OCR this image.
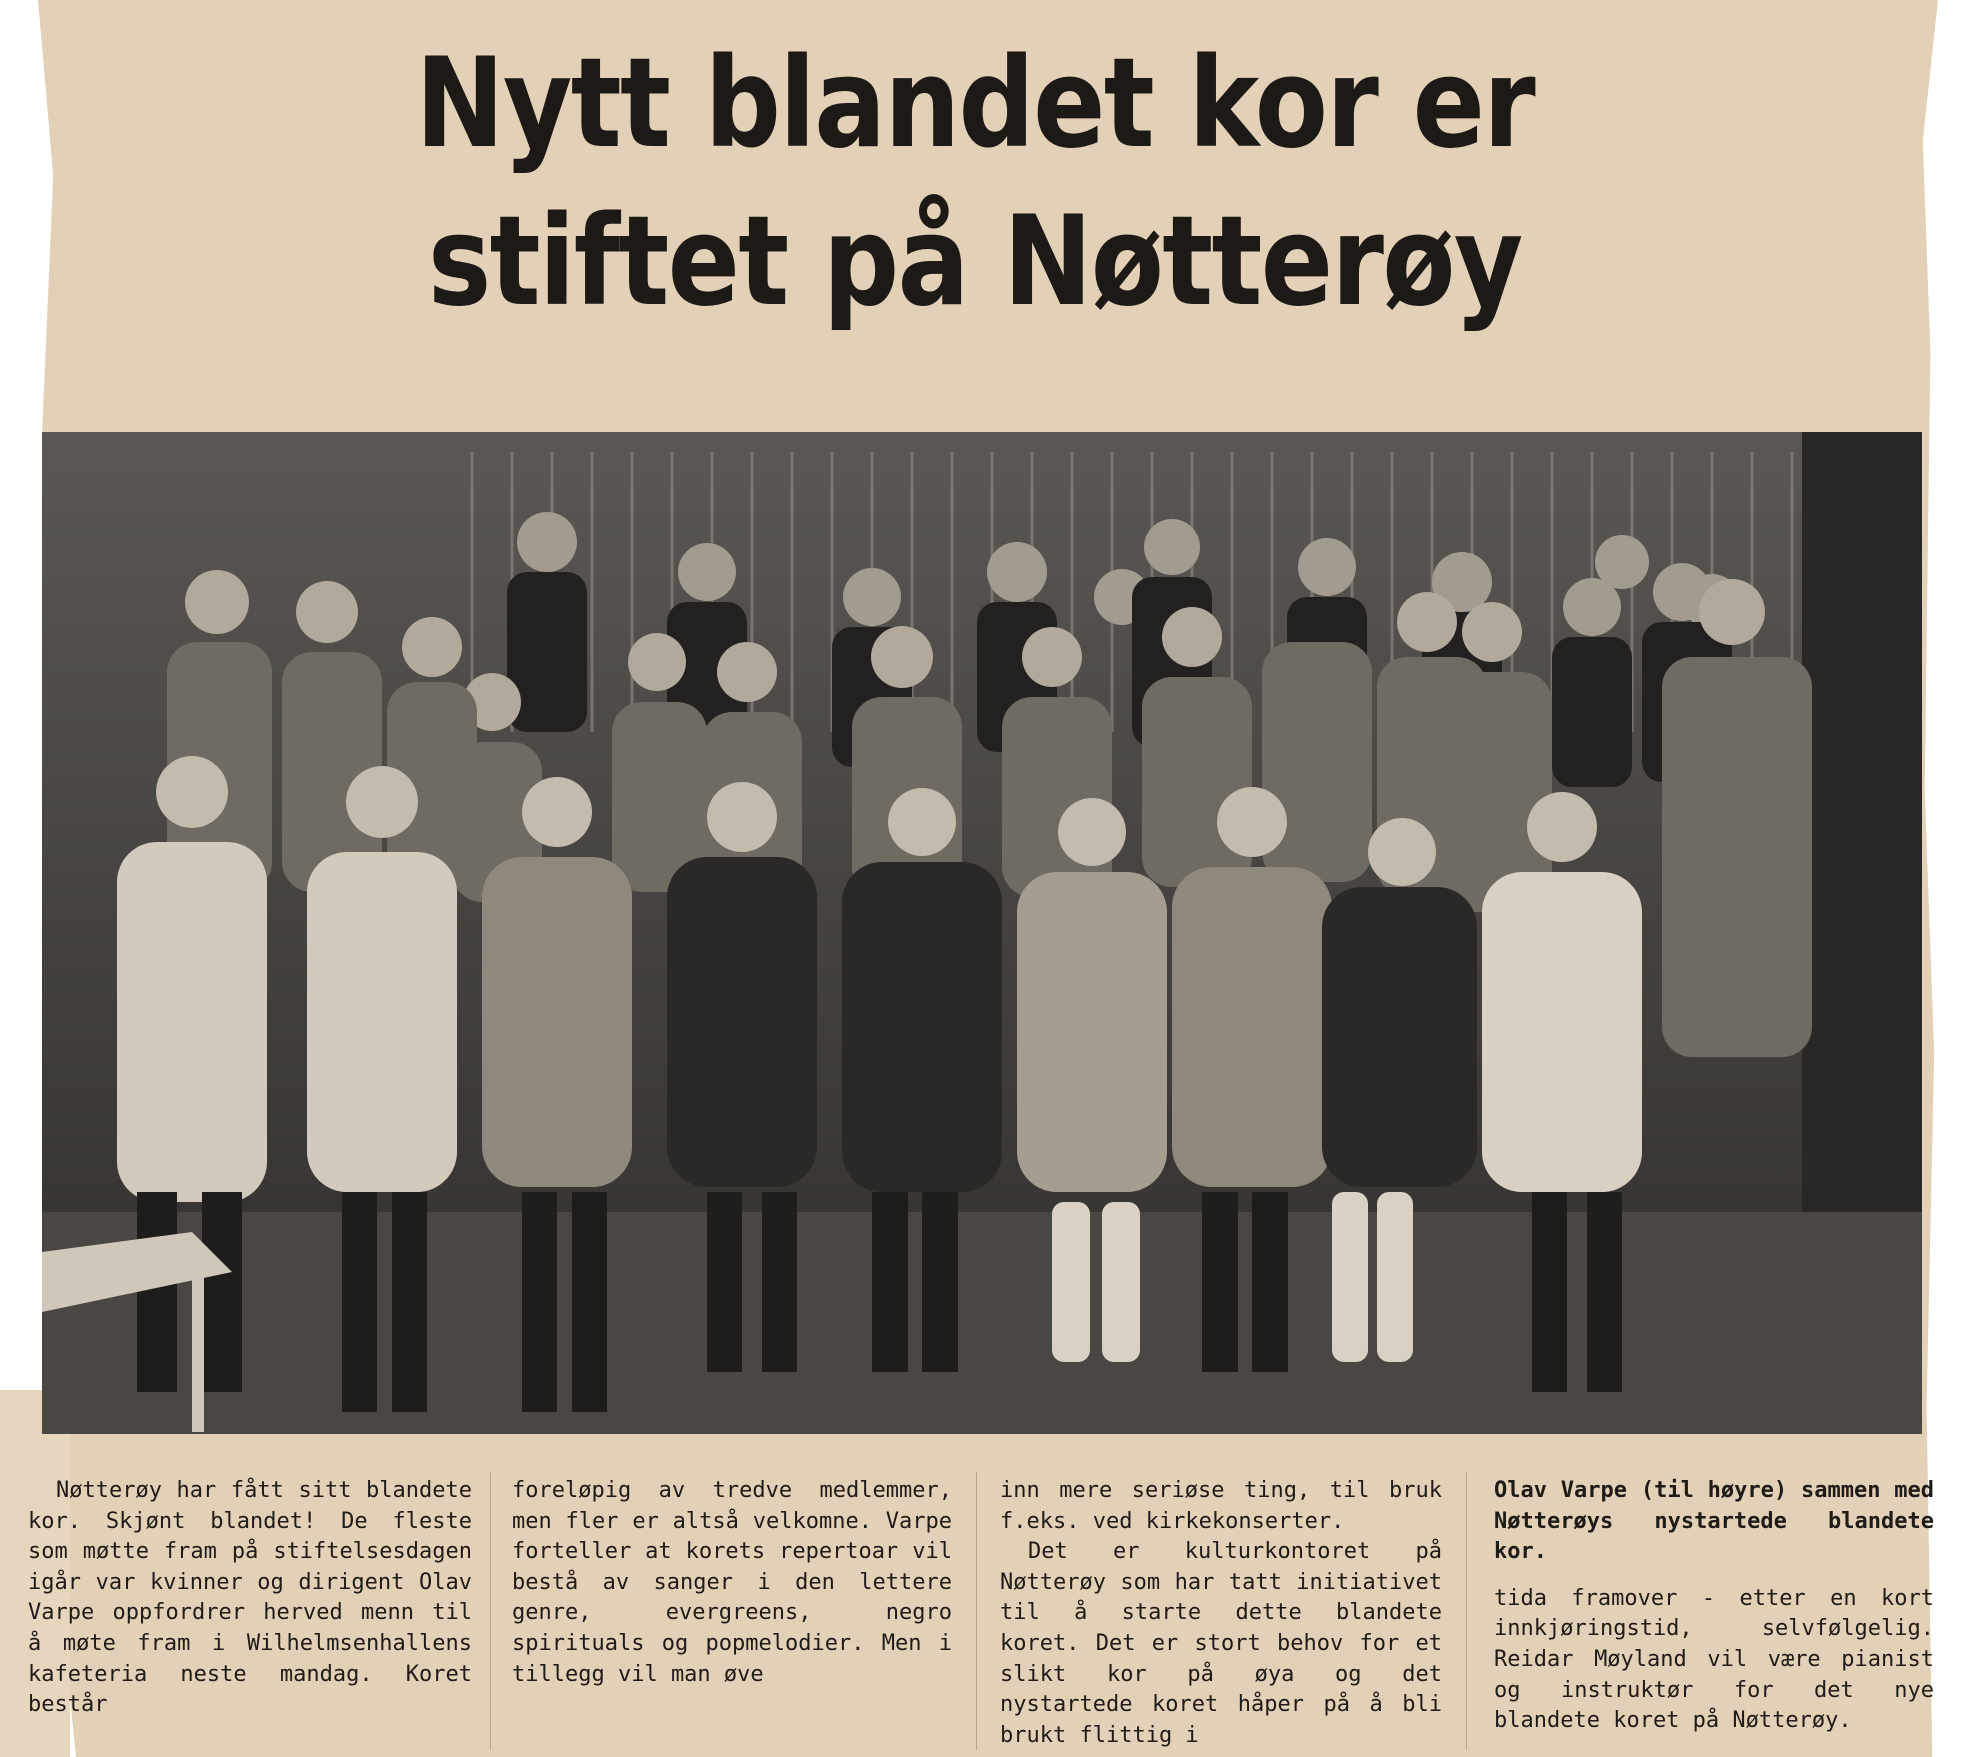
Nytt blandet kor er
stiftet på Nøtterøy

Nøtterøy har fått sitt blandete kor. Skjønt blandet! De fleste som møtte fram på stiftelsesdagen igår var kvinner og dirigent Olav Varpe oppfordrer herved menn til å møte fram i Wilhelmsenhallens kafeteria neste mandag. Koret består

foreløpig av tredve medlemmer, men fler er altså velkomne. Varpe forteller at korets repertoar vil bestå av sanger i den lettere genre, evergreens, negro spirituals og popmelodier. Men i tillegg vil man øve

inn mere seriøse ting, til bruk f.eks. ved kirkekonserter.

Det er kulturkontoret på Nøtterøy som har tatt initiativet til å starte dette blandete koret. Det er stort behov for et slikt kor på øya og det nystartede koret håper på å bli brukt flittig i

Olav Varpe (til høyre) sammen med Nøtterøys nystartede blandete kor.

tida framover - etter en kort innkjøringstid, selvfølgelig. Reidar Møyland vil være pianist og instruktør for det nye blandete koret på Nøtterøy.
